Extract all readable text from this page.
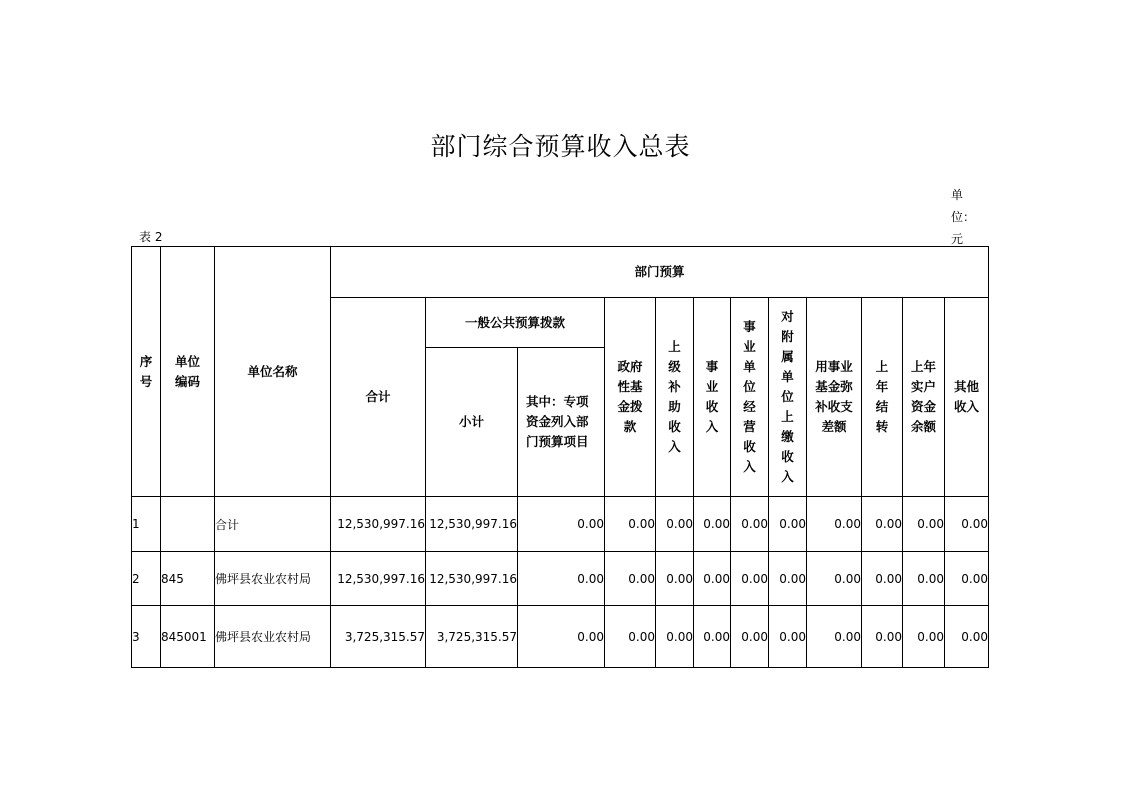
部门综合预算收入总表
表 2
单
位：
元
序号	单位编码	单位名称	部门预算											
			合计	一般公共预算拨款		政府性基金拨款	上级补助收入	事业收入	事业单位经营收入	对附属单位上缴收入	用事业基金弥补收支差额	上年结转	上年实户资金余额	其他收入
				小计	其中：专项资金列入部门预算项目									
1		合计	12,530,997.16	12,530,997.16	0.00	0.00	0.00	0.00	0.00	0.00	0.00	0.00	0.00	0.00
2	845	佛坪县农业农村局	12,530,997.16	12,530,997.16	0.00	0.00	0.00	0.00	0.00	0.00	0.00	0.00	0.00	0.00
3	845001	佛坪县农业农村局	3,725,315.57	3,725,315.57	0.00	0.00	0.00	0.00	0.00	0.00	0.00	0.00	0.00	0.00
